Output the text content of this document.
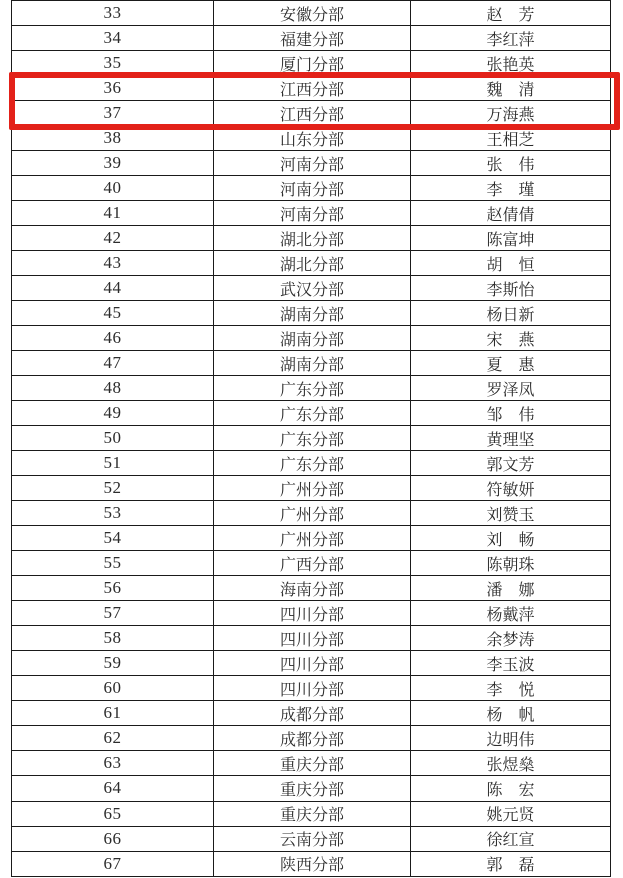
33	安徽分部	赵　芳
34	福建分部	李红萍
35	厦门分部	张艳英
36	江西分部	魏　清
37	江西分部	万海燕
38	山东分部	王相芝
39	河南分部	张　伟
40	河南分部	李　瑾
41	河南分部	赵倩倩
42	湖北分部	陈富坤
43	湖北分部	胡　恒
44	武汉分部	李斯怡
45	湖南分部	杨日新
46	湖南分部	宋　燕
47	湖南分部	夏　惠
48	广东分部	罗泽凤
49	广东分部	邹　伟
50	广东分部	黄理坚
51	广东分部	郭文芳
52	广州分部	符敏妍
53	广州分部	刘赞玉
54	广州分部	刘　畅
55	广西分部	陈朝珠
56	海南分部	潘　娜
57	四川分部	杨戴萍
58	四川分部	余梦涛
59	四川分部	李玉波
60	四川分部	李　悦
61	成都分部	杨　帆
62	成都分部	边明伟
63	重庆分部	张煜燊
64	重庆分部	陈　宏
65	重庆分部	姚元贤
66	云南分部	徐红宣
67	陕西分部	郭　磊
